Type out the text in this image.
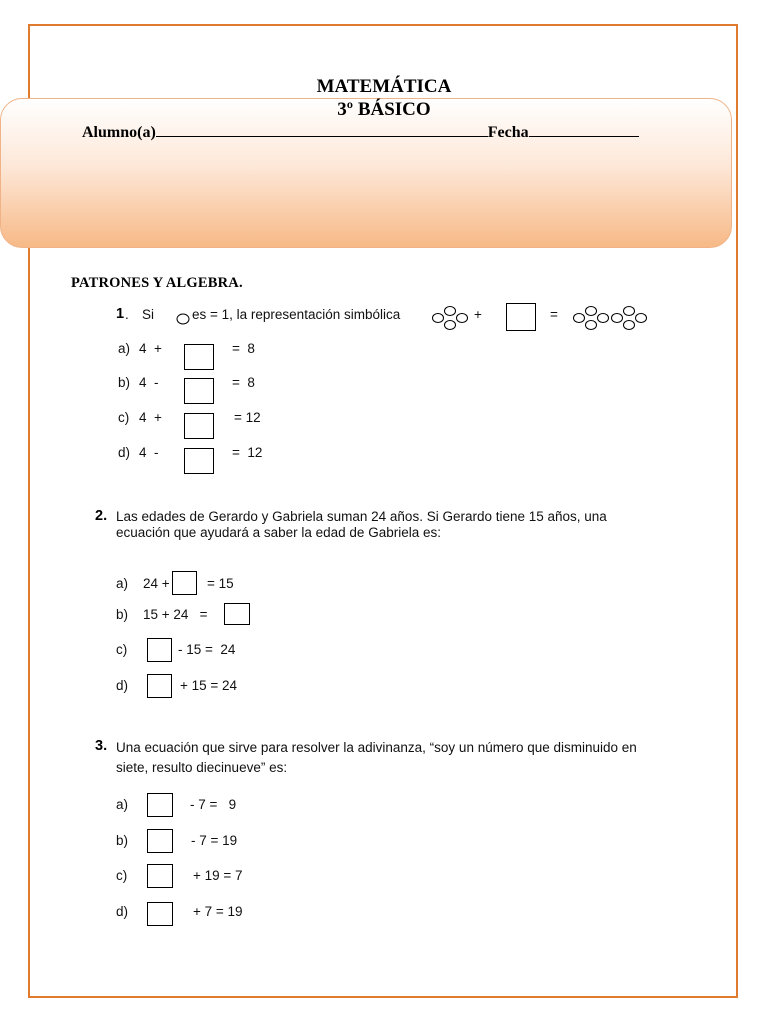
MATEMÁTICA
3º BÁSICO
Alumno(a)	Fecha
PATRONES Y ALGEBRA.
1 . Si	es = 1, la representación simbólica	+	=
a) 4  +	=  8
b) 4  -	=  8
c) 4  +	= 12
d) 4  -	=  12
2. Las edades de Gerardo y Gabriela suman 24 años. Si Gerardo tiene 15 años, una
ecuación que ayudará a saber la edad de Gabriela es:
a) 24 +	= 15
b) 15 + 24   =
c)	- 15 =  24
d)	+ 15 = 24
3. Una ecuación que sirve para resolver la adivinanza, “soy un número que disminuido en
siete, resulto diecinueve” es:
a)	- 7 =   9
b)	- 7 = 19
c)	+ 19 = 7
d)	+ 7 = 19
